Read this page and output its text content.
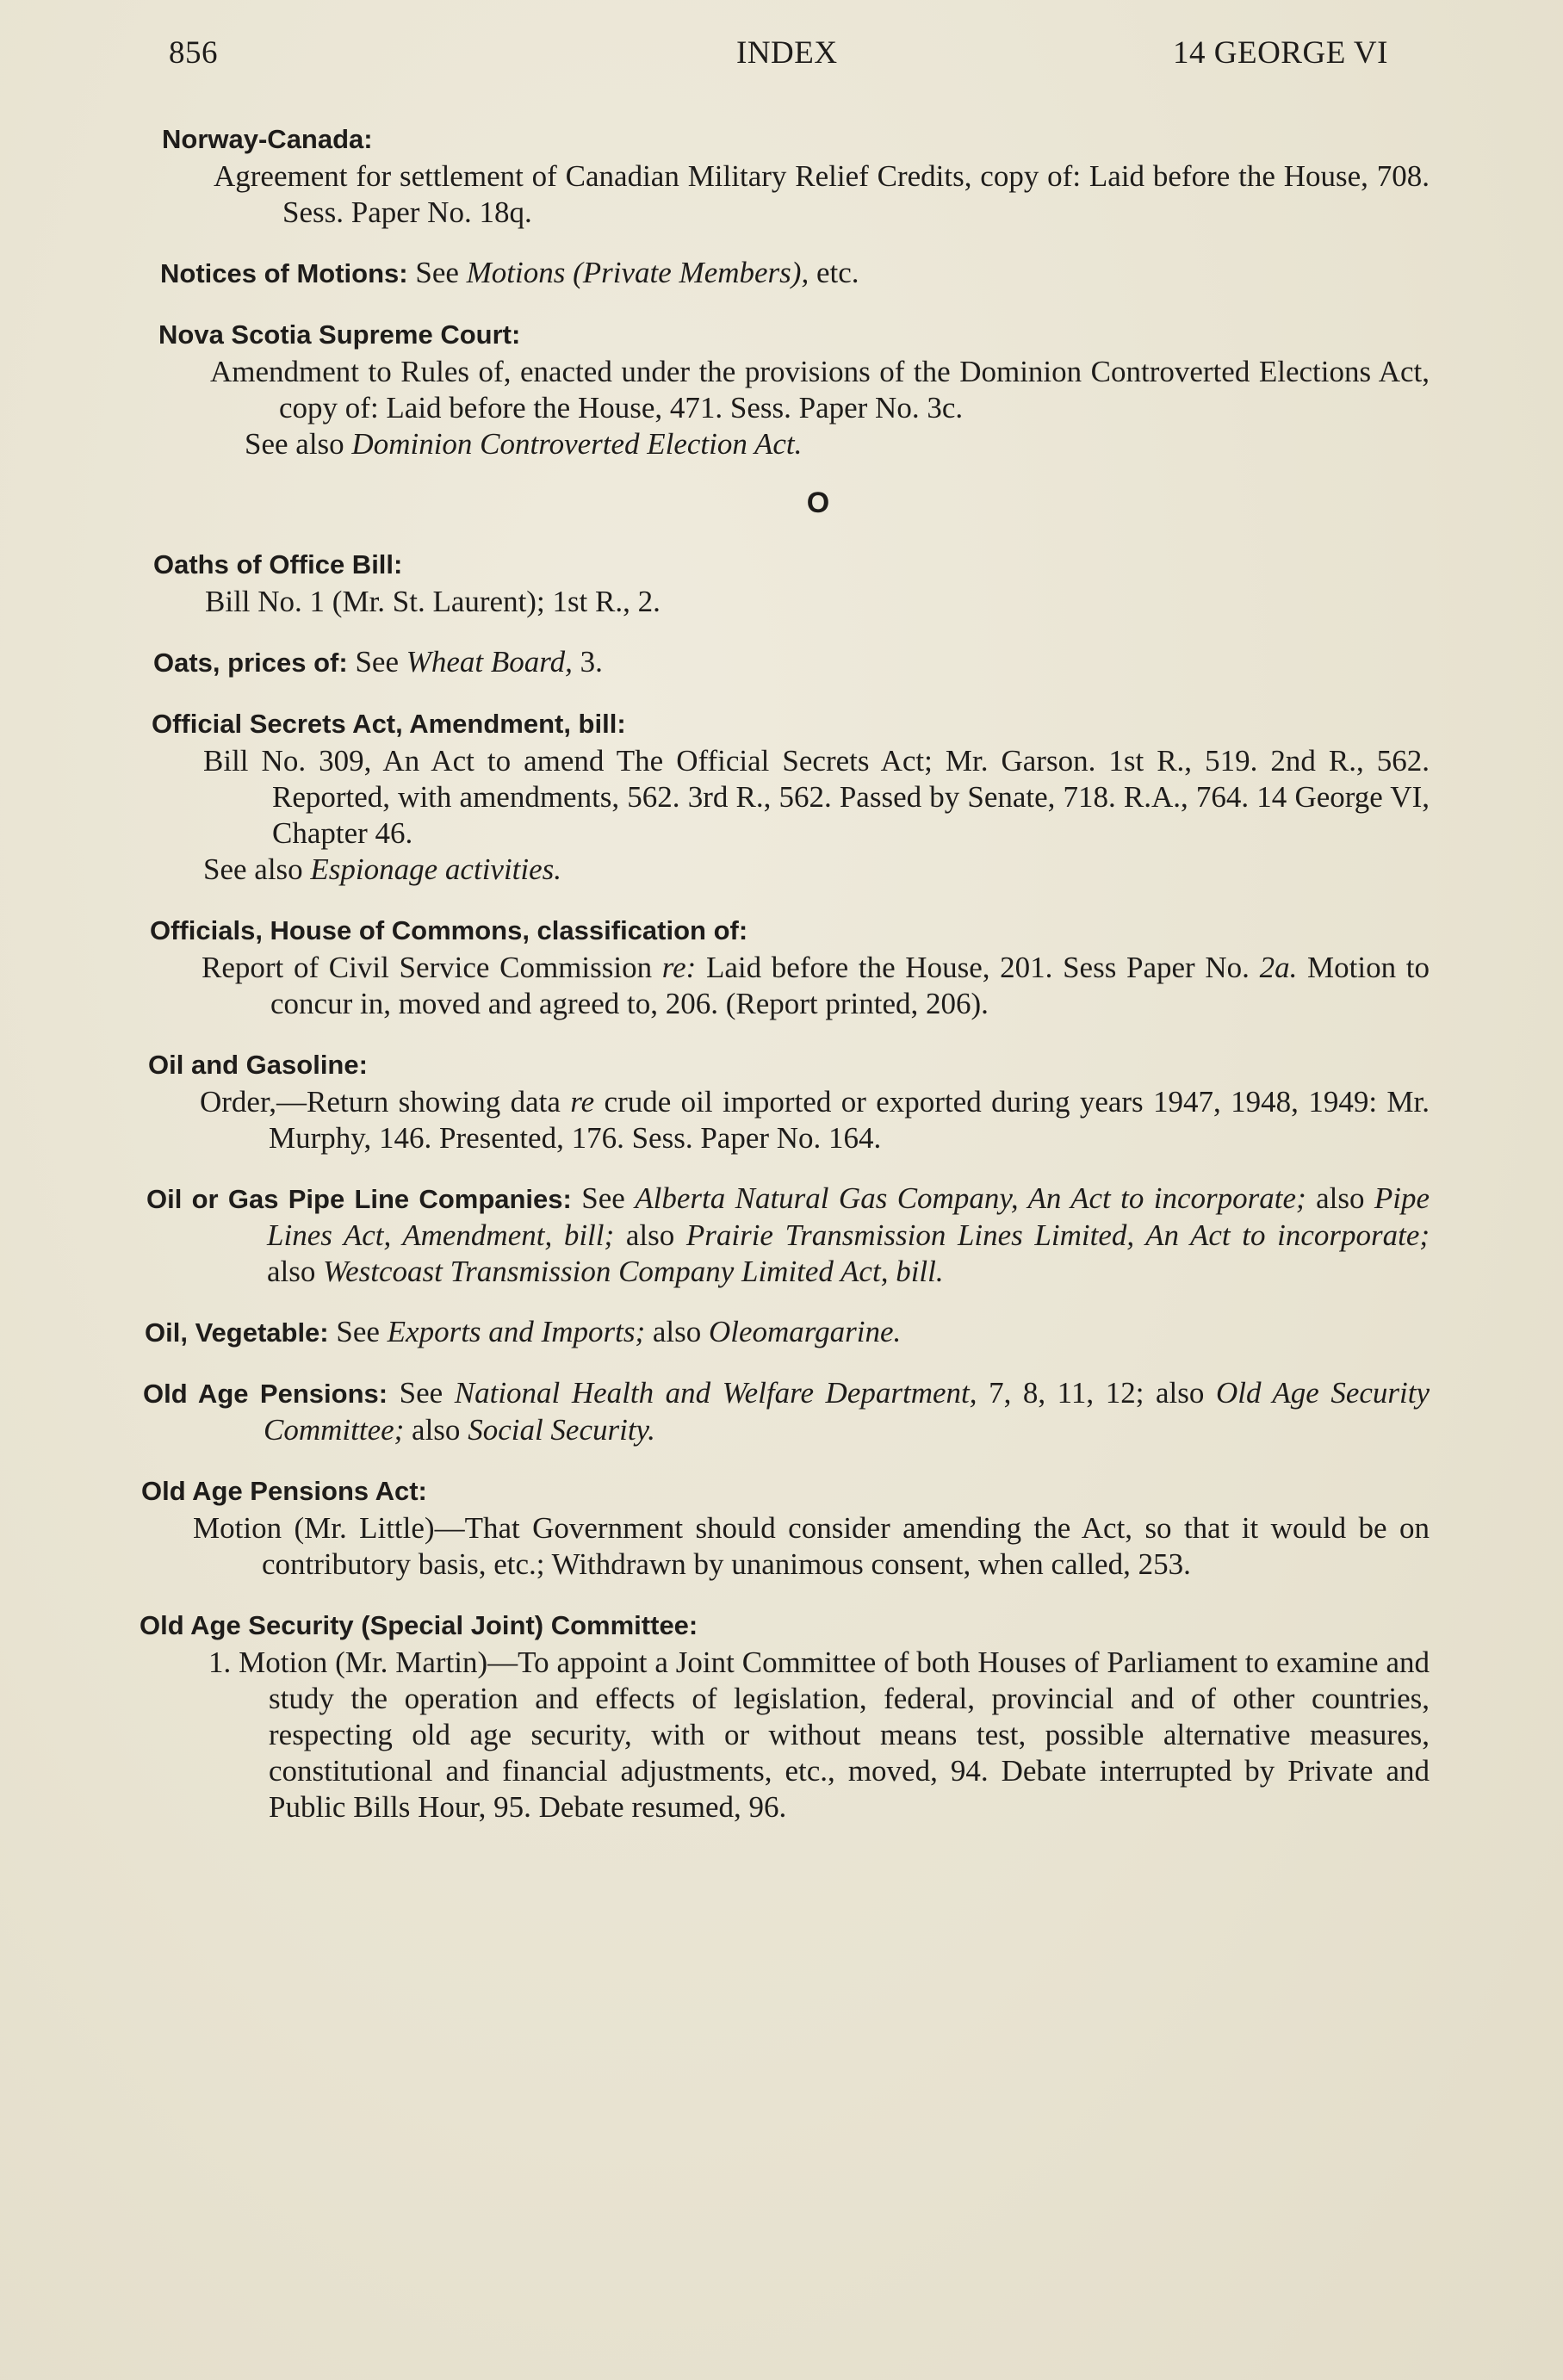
856	INDEX	14 GEORGE VI
Norway-Canada:
Agreement for settlement of Canadian Military Relief Credits, copy of: Laid before the House, 708. Sess. Paper No. 18q.
Notices of Motions: See Motions (Private Members), etc.
Nova Scotia Supreme Court:
Amendment to Rules of, enacted under the provisions of the Dominion Controverted Elections Act, copy of: Laid before the House, 471. Sess. Paper No. 3c.
See also Dominion Controverted Election Act.
O
Oaths of Office Bill:
Bill No. 1 (Mr. St. Laurent); 1st R., 2.
Oats, prices of: See Wheat Board, 3.
Official Secrets Act, Amendment, bill:
Bill No. 309, An Act to amend The Official Secrets Act; Mr. Garson. 1st R., 519. 2nd R., 562. Reported, with amendments, 562. 3rd R., 562. Passed by Senate, 718. R.A., 764. 14 George VI, Chapter 46.
See also Espionage activities.
Officials, House of Commons, classification of:
Report of Civil Service Commission re: Laid before the House, 201. Sess Paper No. 2a. Motion to concur in, moved and agreed to, 206. (Report printed, 206).
Oil and Gasoline:
Order,—Return showing data re crude oil imported or exported during years 1947, 1948, 1949: Mr. Murphy, 146. Presented, 176. Sess. Paper No. 164.
Oil or Gas Pipe Line Companies: See Alberta Natural Gas Company, An Act to incorporate; also Pipe Lines Act, Amendment, bill; also Prairie Transmission Lines Limited, An Act to incorporate; also Westcoast Transmission Company Limited Act, bill.
Oil, Vegetable: See Exports and Imports; also Oleomargarine.
Old Age Pensions: See National Health and Welfare Department, 7, 8, 11, 12; also Old Age Security Committee; also Social Security.
Old Age Pensions Act:
Motion (Mr. Little)—That Government should consider amending the Act, so that it would be on contributory basis, etc.; Withdrawn by unanimous consent, when called, 253.
Old Age Security (Special Joint) Committee:
1. Motion (Mr. Martin)—To appoint a Joint Committee of both Houses of Parliament to examine and study the operation and effects of legislation, federal, provincial and of other countries, respecting old age security, with or without means test, possible alternative measures, constitutional and financial adjustments, etc., moved, 94. Debate interrupted by Private and Public Bills Hour, 95. Debate resumed, 96.
